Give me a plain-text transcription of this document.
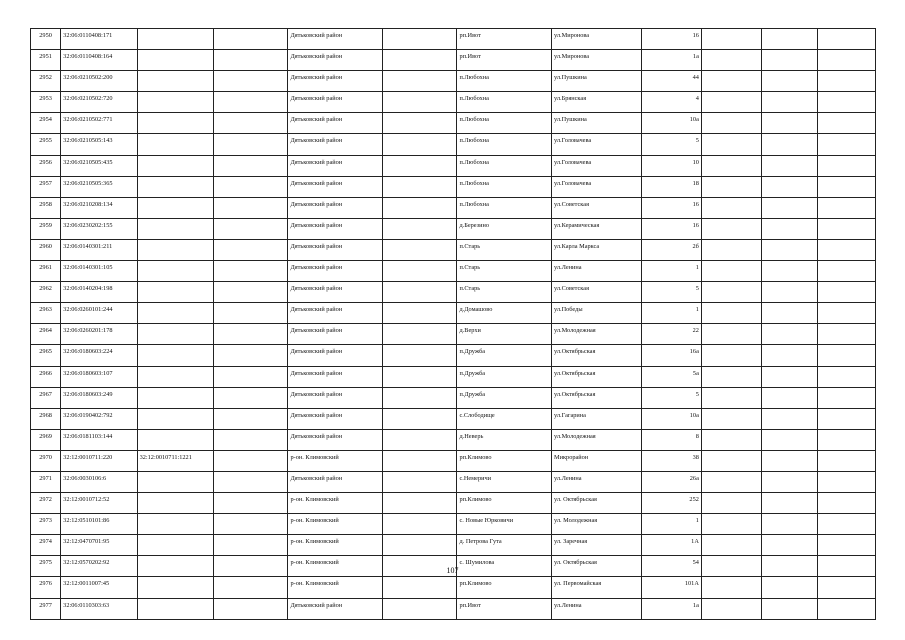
2950	32:06:0110408:171			Дятьковский район		рп.Ивот	ул.Миронова	16			
2951	32:06:0110408:164			Дятьковский район		рп.Ивот	ул.Миронова	1а			
2952	32:06:0210502:200			Дятьковский район		п.Любохна	ул.Пушкина	44			
2953	32:06:0210502:720			Дятьковский район		п.Любохна	ул.Брянская	4			
2954	32:06:0210502:771			Дятьковский район		п.Любохна	ул.Пушкина	10а			
2955	32:06:0210505:143			Дятьковский район		п.Любохна	ул.Головачева	5			
2956	32:06:0210505:435			Дятьковский район		п.Любохна	ул.Головачева	10			
2957	32:06:0210505:365			Дятьковский район		п.Любохна	ул.Головачева	18			
2958	32:06:0210208:134			Дятьковский район		п.Любохна	ул.Советская	16			
2959	32:06:0230202:155			Дятьковский район		д.Березино	ул.Керамическая	16			
2960	32:06:0140301:211			Дятьковский район		п.Старь	ул.Карла Маркса	2б			
2961	32:06:0140301:105			Дятьковский район		п.Старь	ул.Ленина	1			
2962	32:06:0140204:198			Дятьковский район		п.Старь	ул.Советская	5			
2963	32:06:0260101:244			Дятьковский район		д.Домашово	ул.Победы	1			
2964	32:06:0260201:178			Дятьковский район		д.Верхи	ул.Молодежная	22			
2965	32:06:0180603:224			Дятьковский район		п.Дружба	ул.Октябрьская	16а			
2966	32:06:0180603:107			Дятьковский район		п.Дружба	ул.Октябрьская	5а			
2967	32:06:0180603:249			Дятьковский район		п.Дружба	ул.Октябрьская	5			
2968	32:06:0190402:792			Дятьковский район		с.Слободище	ул.Гагарина	10а			
2969	32:06:0181103:144			Дятьковский район		д.Неверь	ул.Молодежная	8			
2970	32:12:0010711:220	32:12:0010711:1221		р-он. Климовский		рп.Климово	Микрорайон	38			
2971	32:06:0030106:6			Дятьковский район		с.Немеричи	ул.Ленина	26а			
2972	32:12:0010712:52			р-он. Климовский		рп.Климово	ул. Октябрьская	252			
2973	32:12:0510101:86			р-он. Климовский		с. Новые Юрковичи	ул. Молодежная	1			
2974	32:12:0470701:95			р-он. Климовский		д. Петрова Гута	ул. Заречная	1А			
2975	32:12:0570202:92			р-он. Климовский		с. Шумилова	ул. Октябрьская	54			
2976	32:12:0011007:45			р-он. Климовский		рп.Климово	ул. Первомайская	101А			
2977	32:06:0110303:63			Дятьковский район		рп.Ивот	ул.Ленина	1а			
107
